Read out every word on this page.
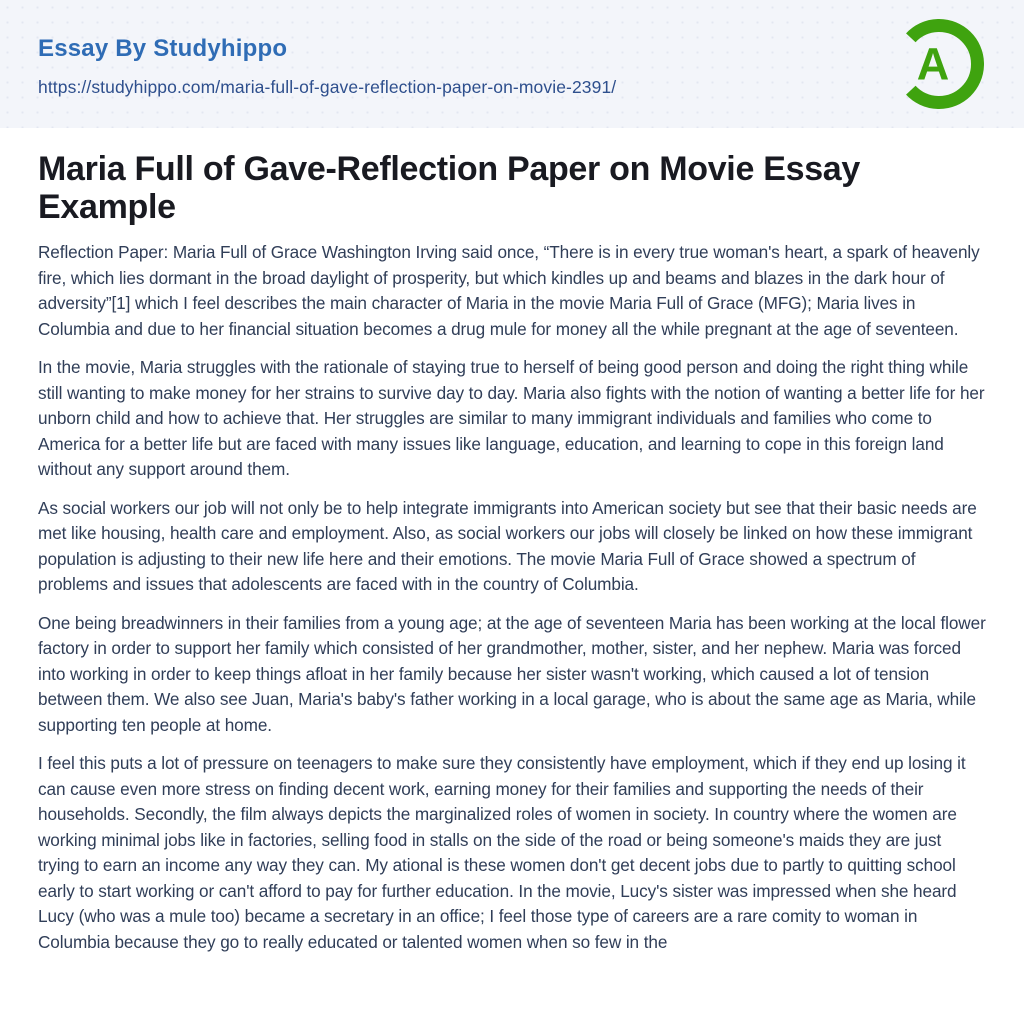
Essay By Studyhippo
https://studyhippo.com/maria-full-of-gave-reflection-paper-on-movie-2391/	A
Maria Full of Gave-Reflection Paper on Movie Essay Example

Reflection Paper: Maria Full of Grace Washington Irving said once, “There is in every true woman's heart, a spark of heavenly fire, which lies dormant in the broad daylight of prosperity, but which kindles up and beams and blazes in the dark hour of adversity”[1] which I feel describes the main character of Maria in the movie Maria Full of Grace (MFG); Maria lives in Columbia and due to her financial situation becomes a drug mule for money all the while pregnant at the age of seventeen.

In the movie, Maria struggles with the rationale of staying true to herself of being good person and doing the right thing while still wanting to make money for her strains to survive day to day. Maria also fights with the notion of wanting a better life for her unborn child and how to achieve that. Her struggles are similar to many immigrant individuals and families who come to America for a better life but are faced with many issues like language, education, and learning to cope in this foreign land without any support around them.

As social workers our job will not only be to help integrate immigrants into American society but see that their basic needs are met like housing, health care and employment. Also, as social workers our jobs will closely be linked on how these immigrant population is adjusting to their new life here and their emotions. The movie Maria Full of Grace showed a spectrum of problems and issues that adolescents are faced with in the country of Columbia.

One being breadwinners in their families from a young age; at the age of seventeen Maria has been working at the local flower factory in order to support her family which consisted of her grandmother, mother, sister, and her nephew. Maria was forced into working in order to keep things afloat in her family because her sister wasn't working, which caused a lot of tension between them. We also see Juan, Maria's baby's father working in a local garage, who is about the same age as Maria, while supporting ten people at home.

I feel this puts a lot of pressure on teenagers to make sure they consistently have employment, which if they end up losing it can cause even more stress on finding decent work, earning money for their families and supporting the needs of their households. Secondly, the film always depicts the marginalized roles of women in society. In country where the women are working minimal jobs like in factories, selling food in stalls on the side of the road or being someone's maids they are just trying to earn an income any way they can. My ational is these women don't get decent jobs due to partly to quitting school early to start working or can't afford to pay for further education. In the movie, Lucy's sister was impressed when she heard Lucy (who was a mule too) became a secretary in an office; I feel those type of careers are a rare comity to woman in Columbia because they go to really educated or talented women when so few in the
